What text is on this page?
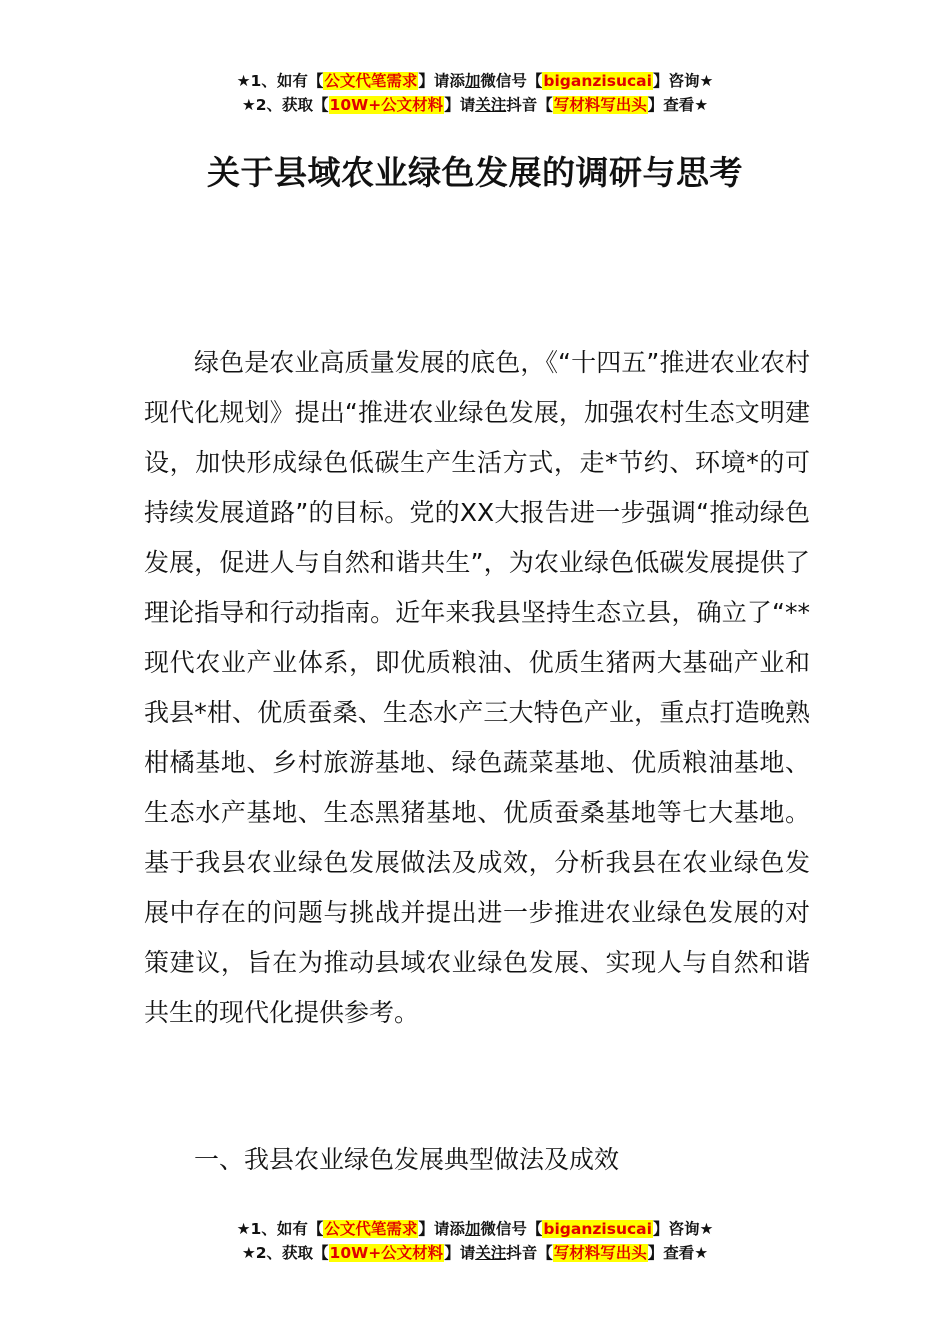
★1、如有【公文代笔需求】请添加微信号【biganzisucai】咨询★
★2、获取【10W+公文材料】请关注抖音【写材料写出头】查看★
关于县域农业绿色发展的调研与思考

绿色是农业高质量发展的底色，《“十四五”推进农业农村现代化规划》提出“推进农业绿色发展，加强农村生态文明建设，加快形成绿色低碳生产生活方式，走*节约、环境*的可持续发展道路”的目标。党的XX大报告进一步强调“推动绿色发展，促进人与自然和谐共生”，为农业绿色低碳发展提供了理论指导和行动指南。近年来我县坚持生态立县，确立了“**现代农业产业体系，即优质粮油、优质生猪两大基础产业和我县*柑、优质蚕桑、生态水产三大特色产业，重点打造晚熟柑橘基地、乡村旅游基地、绿色蔬菜基地、优质粮油基地、生态水产基地、生态黑猪基地、优质蚕桑基地等七大基地。基于我县农业绿色发展做法及成效，分析我县在农业绿色发展中存在的问题与挑战并提出进一步推进农业绿色发展的对策建议，旨在为推动县域农业绿色发展、实现人与自然和谐共生的现代化提供参考。

一、我县农业绿色发展典型做法及成效
★1、如有【公文代笔需求】请添加微信号【biganzisucai】咨询★
★2、获取【10W+公文材料】请关注抖音【写材料写出头】查看★
